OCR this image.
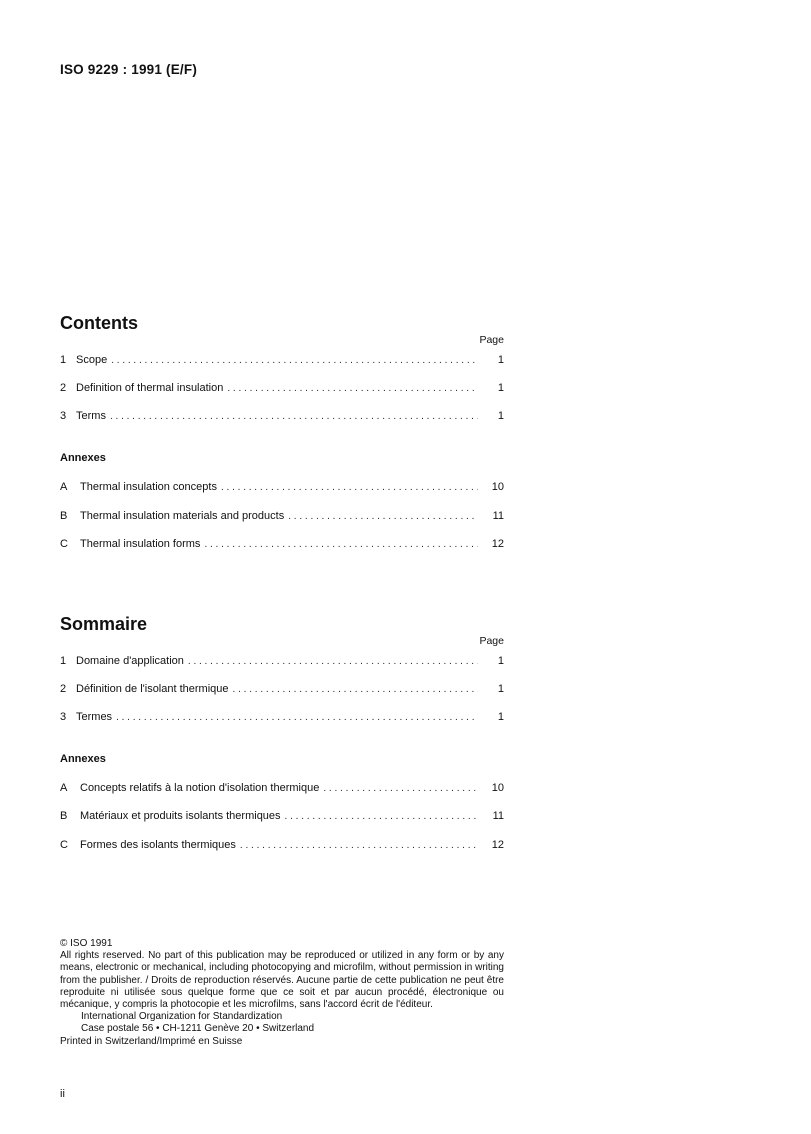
ISO 9229 : 1991 (E/F)
Contents
Page
1 Scope . . .	1
2 Definition of thermal insulation . . .	1
3 Terms . . .	1
Annexes
A	Thermal insulation concepts . . .	10
B	Thermal insulation materials and products . . .	11
C	Thermal insulation forms . . .	12
Sommaire
Page
1 Domaine d'application . . .	1
2 Définition de l'isolant thermique . . .	1
3 Termes . . .	1
Annexes
A	Concepts relatifs à la notion d'isolation thermique . . .	10
B	Matériaux et produits isolants thermiques . . .	11
C	Formes des isolants thermiques . . .	12

© ISO 1991

All rights reserved. No part of this publication may be reproduced or utilized in any form or by any means, electronic or mechanical, including photocopying and microfilm, without permission in writing from the publisher. / Droits de reproduction réservés. Aucune partie de cette publication ne peut être reproduite ni utilisée sous quelque forme que ce soit et par aucun procédé, électronique ou mécanique, y compris la photocopie et les microfilms, sans l'accord écrit de l'éditeur.

International Organization for Standardization

Case postale 56 • CH-1211 Genève 20 • Switzerland

Printed in Switzerland/Imprimé en Suisse

ii
